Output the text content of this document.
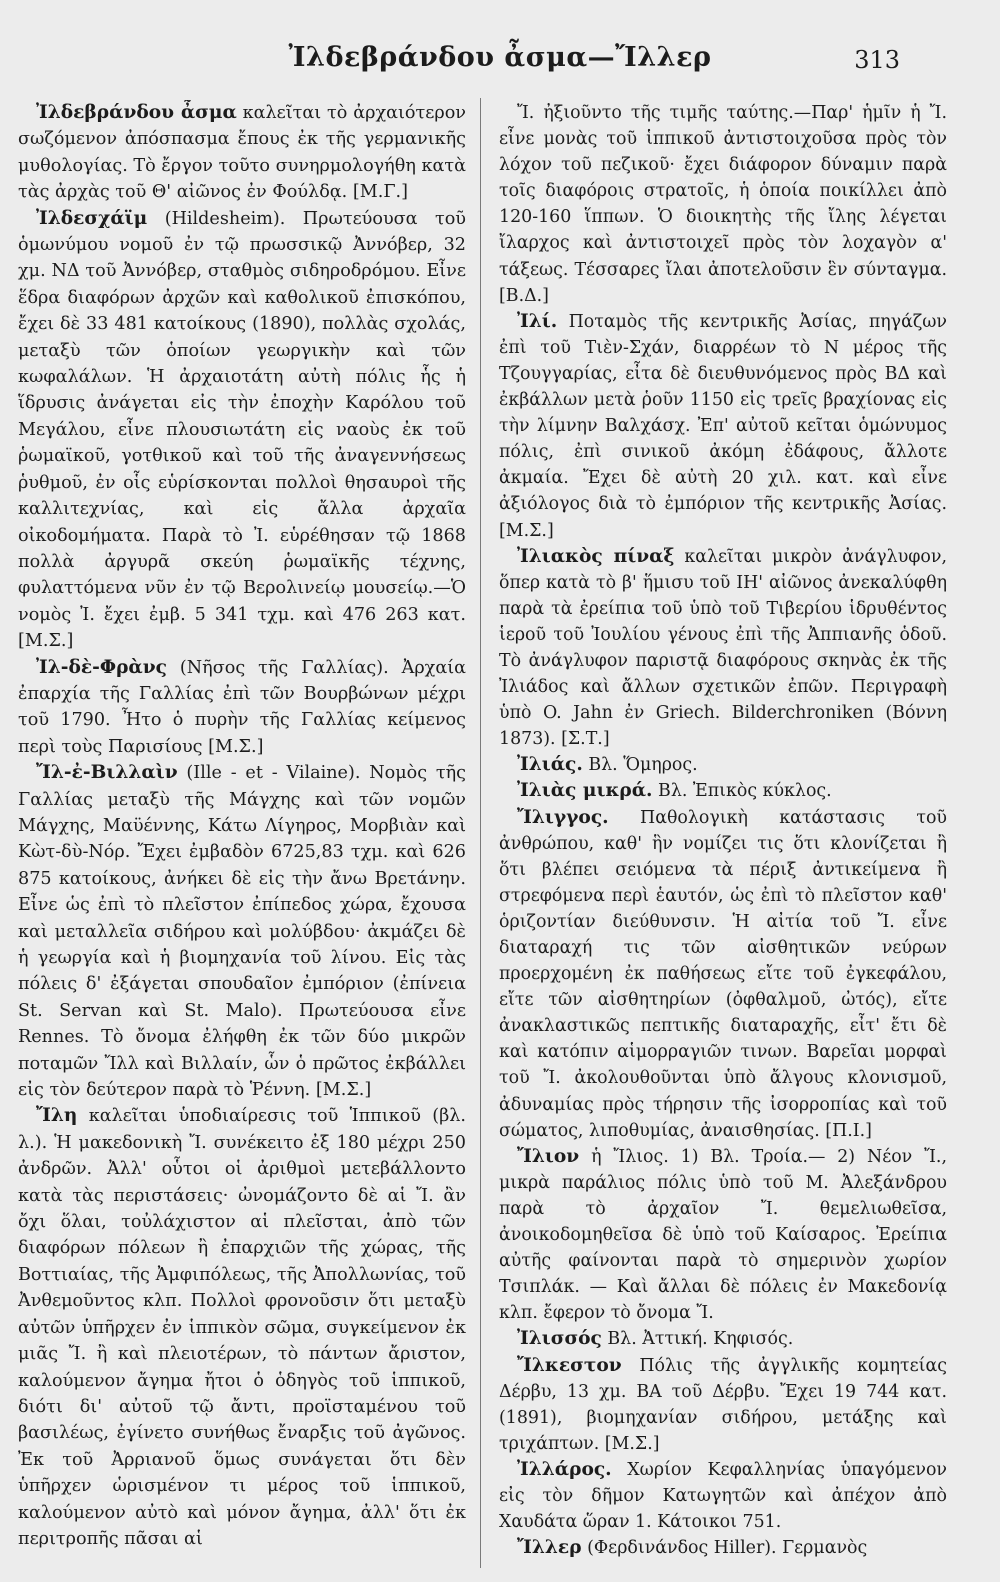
Ἰλδεβράνδου ἆσμα—Ἴλλερ	313

Ἰλδεβράνδου ἆσμα καλεῖται τὸ ἀρχαιότερον σωζόμενον ἀπόσπασμα ἔπους ἐκ τῆς γερμανικῆς μυθολογίας. Τὸ ἔργον τοῦτο συνηρμολογήθη κατὰ τὰς ἀρχὰς τοῦ Θ' αἰῶνος ἐν Φούλδᾳ. [Μ.Γ.]

Ἰλδεσχάϊμ (Hildesheim). Πρωτεύουσα τοῦ ὁμωνύμου νομοῦ ἐν τῷ πρωσσικῷ Ἀννόβερ, 32 χμ. ΝΔ τοῦ Ἀννόβερ, σταθμὸς σιδηροδρόμου. Εἶνε ἕδρα διαφόρων ἀρχῶν καὶ καθολικοῦ ἐπισκόπου, ἔχει δὲ 33 481 κατοίκους (1890), πολλὰς σχολάς, μεταξὺ τῶν ὁποίων γεωργικὴν καὶ τῶν κωφαλάλων. Ἡ ἀρχαιοτάτη αὐτὴ πόλις ἧς ἡ ἵδρυσις ἀνάγεται εἰς τὴν ἐποχὴν Καρόλου τοῦ Μεγάλου, εἶνε πλουσιωτάτη εἰς ναοὺς ἐκ τοῦ ῥωμαϊκοῦ, γοτθικοῦ καὶ τοῦ τῆς ἀναγεννήσεως ῥυθμοῦ, ἐν οἷς εὑρίσκονται πολλοὶ θησαυροὶ τῆς καλλιτεχνίας, καὶ εἰς ἄλλα ἀρχαῖα οἰκοδομήματα. Παρὰ τὸ Ἰ. εὑρέθησαν τῷ 1868 πολλὰ ἀργυρᾶ σκεύη ῥωμαϊκῆς τέχνης, φυλαττόμενα νῦν ἐν τῷ Βερολινείῳ μουσείῳ.—Ὁ νομὸς Ἰ. ἔχει ἐμβ. 5 341 τχμ. καὶ 476 263 κατ. [Μ.Σ.]

Ἰλ-δὲ-Φρὰνς (Νῆσος τῆς Γαλλίας). Ἀρχαία ἐπαρχία τῆς Γαλλίας ἐπὶ τῶν Βουρβώνων μέχρι τοῦ 1790. Ἦτο ὁ πυρὴν τῆς Γαλλίας κείμενος περὶ τοὺς Παρισίους [Μ.Σ.]

Ἴλ-ἐ-Βιλλαὶν (Ille - et - Vilaine). Νομὸς τῆς Γαλλίας μεταξὺ τῆς Μάγχης καὶ τῶν νομῶν Μάγχης, Μαϋέννης, Κάτω Λίγηρος, Μορβιὰν καὶ Κὼτ-δὺ-Νόρ. Ἔχει ἐμβαδὸν 6725,83 τχμ. καὶ 626 875 κατοίκους, ἀνήκει δὲ εἰς τὴν ἄνω Βρετάνην. Εἶνε ὡς ἐπὶ τὸ πλεῖστον ἐπίπεδος χώρα, ἔχουσα καὶ μεταλλεῖα σιδήρου καὶ μολύβδου· ἀκμάζει δὲ ἡ γεωργία καὶ ἡ βιομηχανία τοῦ λίνου. Εἰς τὰς πόλεις δ' ἐξάγεται σπουδαῖον ἐμπόριον (ἐπίνεια St. Servan καὶ St. Malo). Πρωτεύουσα εἶνε Rennes. Τὸ ὄνομα ἐλήφθη ἐκ τῶν δύο μικρῶν ποταμῶν Ἴλλ καὶ Βιλλαίν, ὧν ὁ πρῶτος ἐκβάλλει εἰς τὸν δεύτερον παρὰ τὸ Ῥέννη. [Μ.Σ.]

Ἴλη καλεῖται ὑποδιαίρεσις τοῦ Ἱππικοῦ (βλ. λ.). Ἡ μακεδονικὴ Ἴ. συνέκειτο ἐξ 180 μέχρι 250 ἀνδρῶν. Ἀλλ' οὗτοι οἱ ἀριθμοὶ μετεβάλλοντο κατὰ τὰς περιστάσεις· ὠνομάζοντο δὲ αἱ Ἴ. ἂν ὄχι ὅλαι, τοὐλάχιστον αἱ πλεῖσται, ἀπὸ τῶν διαφόρων πόλεων ἢ ἐπαρχιῶν τῆς χώρας, τῆς Βοττιαίας, τῆς Ἀμφιπόλεως, τῆς Ἀπολλωνίας, τοῦ Ἀνθεμοῦντος κλπ. Πολλοὶ φρονοῦσιν ὅτι μεταξὺ αὐτῶν ὑπῆρχεν ἐν ἱππικὸν σῶμα, συγκείμενον ἐκ μιᾶς Ἴ. ἢ καὶ πλειοτέρων, τὸ πάντων ἄριστον, καλούμενον ἄγημα ἤτοι ὁ ὁδηγὸς τοῦ ἱππικοῦ, διότι δι' αὐτοῦ τῷ ἄντι, προϊσταμένου τοῦ βασιλέως, ἐγίνετο συνήθως ἔναρξις τοῦ ἀγῶνος. Ἐκ τοῦ Ἀρριανοῦ ὅμως συνάγεται ὅτι δὲν ὑπῆρχεν ὡρισμένον τι μέρος τοῦ ἱππικοῦ, καλούμενον αὐτὸ καὶ μόνον ἄγημα, ἀλλ' ὅτι ἐκ περιτροπῆς πᾶσαι αἱ

Ἴ. ἠξιοῦντο τῆς τιμῆς ταύτης.—Παρ' ἡμῖν ἡ Ἴ. εἶνε μονὰς τοῦ ἱππικοῦ ἀντιστοιχοῦσα πρὸς τὸν λόχον τοῦ πεζικοῦ· ἔχει διάφορον δύναμιν παρὰ τοῖς διαφόροις στρατοῖς, ἡ ὁποία ποικίλλει ἀπὸ 120-160 ἵππων. Ὁ διοικητὴς τῆς ἴλης λέγεται ἴλαρχος καὶ ἀντιστοιχεῖ πρὸς τὸν λοχαγὸν α' τάξεως. Τέσσαρες ἴλαι ἀποτελοῦσιν ἓν σύνταγμα. [Β.Δ.]

Ἰλί. Ποταμὸς τῆς κεντρικῆς Ἀσίας, πηγάζων ἐπὶ τοῦ Τιὲν-Σχάν, διαρρέων τὸ Ν μέρος τῆς Τζουγγαρίας, εἶτα δὲ διευθυνόμενος πρὸς ΒΔ καὶ ἐκβάλλων μετὰ ῥοῦν 1150 εἰς τρεῖς βραχίονας εἰς τὴν λίμνην Βαλχάσχ. Ἐπ' αὐτοῦ κεῖται ὁμώνυμος πόλις, ἐπὶ σινικοῦ ἀκόμη ἐδάφους, ἄλλοτε ἀκμαία. Ἔχει δὲ αὐτὴ 20 χιλ. κατ. καὶ εἶνε ἀξιόλογος διὰ τὸ ἐμπόριον τῆς κεντρικῆς Ἀσίας. [Μ.Σ.]

Ἰλιακὸς πίναξ καλεῖται μικρὸν ἀνάγλυφον, ὅπερ κατὰ τὸ β' ἥμισυ τοῦ ΙΗ' αἰῶνος ἀνεκαλύφθη παρὰ τὰ ἐρείπια τοῦ ὑπὸ τοῦ Τιβερίου ἱδρυθέντος ἱεροῦ τοῦ Ἰουλίου γένους ἐπὶ τῆς Ἀππιανῆς ὁδοῦ. Τὸ ἀνάγλυφον παριστᾷ διαφόρους σκηνὰς ἐκ τῆς Ἰλιάδος καὶ ἄλλων σχετικῶν ἐπῶν. Περιγραφὴ ὑπὸ O. Jahn ἐν Griech. Bilderchroniken (Βόννη 1873). [Σ.Τ.]

Ἰλιάς. Βλ. Ὅμηρος.

Ἰλιὰς μικρά. Βλ. Ἐπικὸς κύκλος.

Ἴλιγγος. Παθολογικὴ κατάστασις τοῦ ἀνθρώπου, καθ' ἣν νομίζει τις ὅτι κλονίζεται ἢ ὅτι βλέπει σειόμενα τὰ πέριξ ἀντικείμενα ἢ στρεφόμενα περὶ ἑαυτόν, ὡς ἐπὶ τὸ πλεῖστον καθ' ὁριζοντίαν διεύθυνσιν. Ἡ αἰτία τοῦ Ἴ. εἶνε διαταραχή τις τῶν αἰσθητικῶν νεύρων προερχομένη ἐκ παθήσεως εἴτε τοῦ ἐγκεφάλου, εἴτε τῶν αἰσθητηρίων (ὀφθαλμοῦ, ὠτός), εἴτε ἀνακλαστικῶς πεπτικῆς διαταραχῆς, εἶτ' ἔτι δὲ καὶ κατόπιν αἱμορραγιῶν τινων. Βαρεῖαι μορφαὶ τοῦ Ἴ. ἀκολουθοῦνται ὑπὸ ἄλγους κλονισμοῦ, ἀδυναμίας πρὸς τήρησιν τῆς ἰσορροπίας καὶ τοῦ σώματος, λιποθυμίας, ἀναισθησίας. [Π.Ι.]

Ἴλιον ἡ Ἴλιος. 1) Βλ. Τροία.— 2) Νέον Ἴ., μικρὰ παράλιος πόλις ὑπὸ τοῦ Μ. Ἀλεξάνδρου παρὰ τὸ ἀρχαῖον Ἴ. θεμελιωθεῖσα, ἀνοικοδομηθεῖσα δὲ ὑπὸ τοῦ Καίσαρος. Ἐρείπια αὐτῆς φαίνονται παρὰ τὸ σημερινὸν χωρίον Τσιπλάκ. — Καὶ ἄλλαι δὲ πόλεις ἐν Μακεδονίᾳ κλπ. ἔφερον τὸ ὄνομα Ἴ.

Ἰλισσός Βλ. Ἀττική. Κηφισός.

Ἴλκεστον Πόλις τῆς ἀγγλικῆς κομητείας Δέρβυ, 13 χμ. ΒΑ τοῦ Δέρβυ. Ἔχει 19 744 κατ. (1891), βιομηχανίαν σιδήρου, μετάξης καὶ τριχάπτων. [Μ.Σ.]

Ἰλλάρος. Χωρίον Κεφαλληνίας ὑπαγόμενον εἰς τὸν δῆμον Κατωγητῶν καὶ ἀπέχον ἀπὸ Χαυδάτα ὥραν 1. Κάτοικοι 751.

Ἴλλερ (Φερδινάνδος Hiller). Γερμανὸς
